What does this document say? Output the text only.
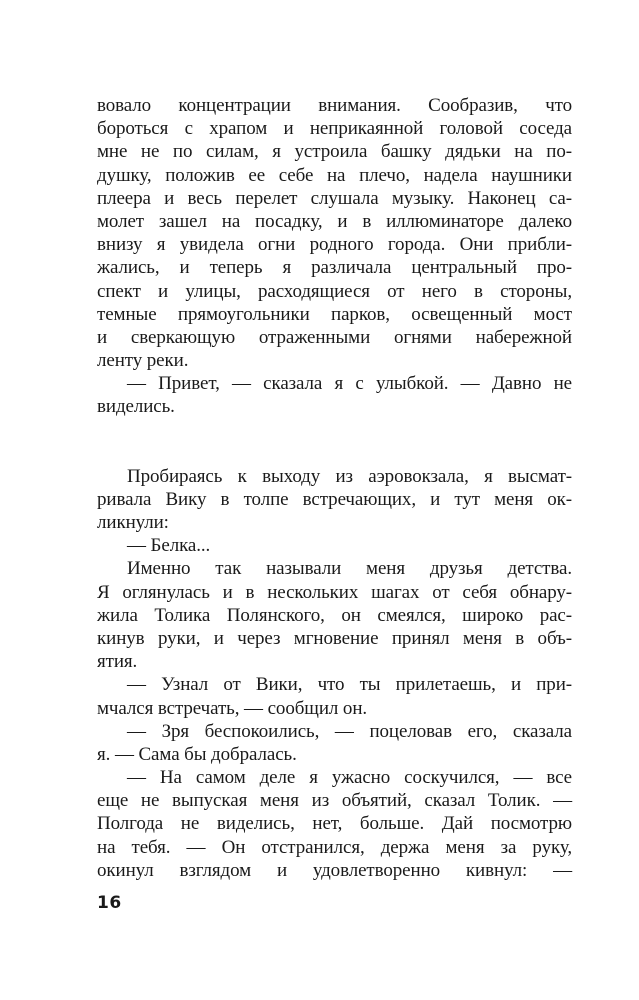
вовало концентрации внимания. Сообразив, что
бороться с храпом и неприкаянной головой соседа
мне не по силам, я устроила башку дядьки на по-
душку, положив ее себе на плечо, надела наушники
плеера и весь перелет слушала музыку. Наконец са-
молет зашел на посадку, и в иллюминаторе далеко
внизу я увидела огни родного города. Они прибли-
жались, и теперь я различала центральный про-
спект и улицы, расходящиеся от него в стороны,
темные прямоугольники парков, освещенный мост
и сверкающую отраженными огнями набережной
ленту реки.
— Привет, — сказала я с улыбкой. — Давно не
виделись.
Пробираясь к выходу из аэровокзала, я высмат-
ривала Вику в толпе встречающих, и тут меня ок-
ликнули:
— Белка...
Именно так называли меня друзья детства.
Я оглянулась и в нескольких шагах от себя обнару-
жила Толика Полянского, он смеялся, широко рас-
кинув руки, и через мгновение принял меня в объ-
ятия.
— Узнал от Вики, что ты прилетаешь, и при-
мчался встречать, — сообщил он.
— Зря беспокоились, — поцеловав его, сказала
я. — Сама бы добралась.
— На самом деле я ужасно соскучился, — все
еще не выпуская меня из объятий, сказал Толик. —
Полгода не виделись, нет, больше. Дай посмотрю
на тебя. — Он отстранился, держа меня за руку,
окинул взглядом и удовлетворенно кивнул: —
16
